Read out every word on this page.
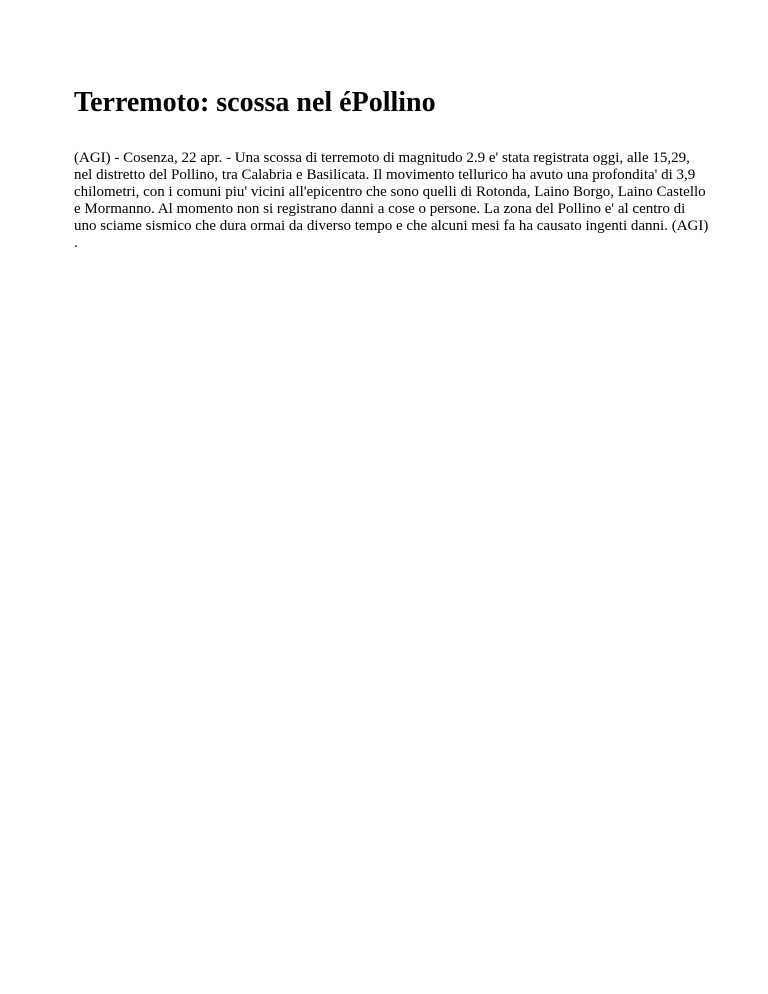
Terremoto: scossa nel éPollino

(AGI) - Cosenza, 22 apr. - Una scossa di terremoto di magnitudo 2.9 e' stata registrata oggi, alle 15,29, nel distretto del Pollino, tra Calabria e Basilicata. Il movimento tellurico ha avuto una profondita' di 3,9 chilometri, con i comuni piu' vicini all'epicentro che sono quelli di Rotonda, Laino Borgo, Laino Castello e Mormanno. Al momento non si registrano danni a cose o persone. La zona del Pollino e' al centro di uno sciame sismico che dura ormai da diverso tempo e che alcuni mesi fa ha causato ingenti danni. (AGI) .
